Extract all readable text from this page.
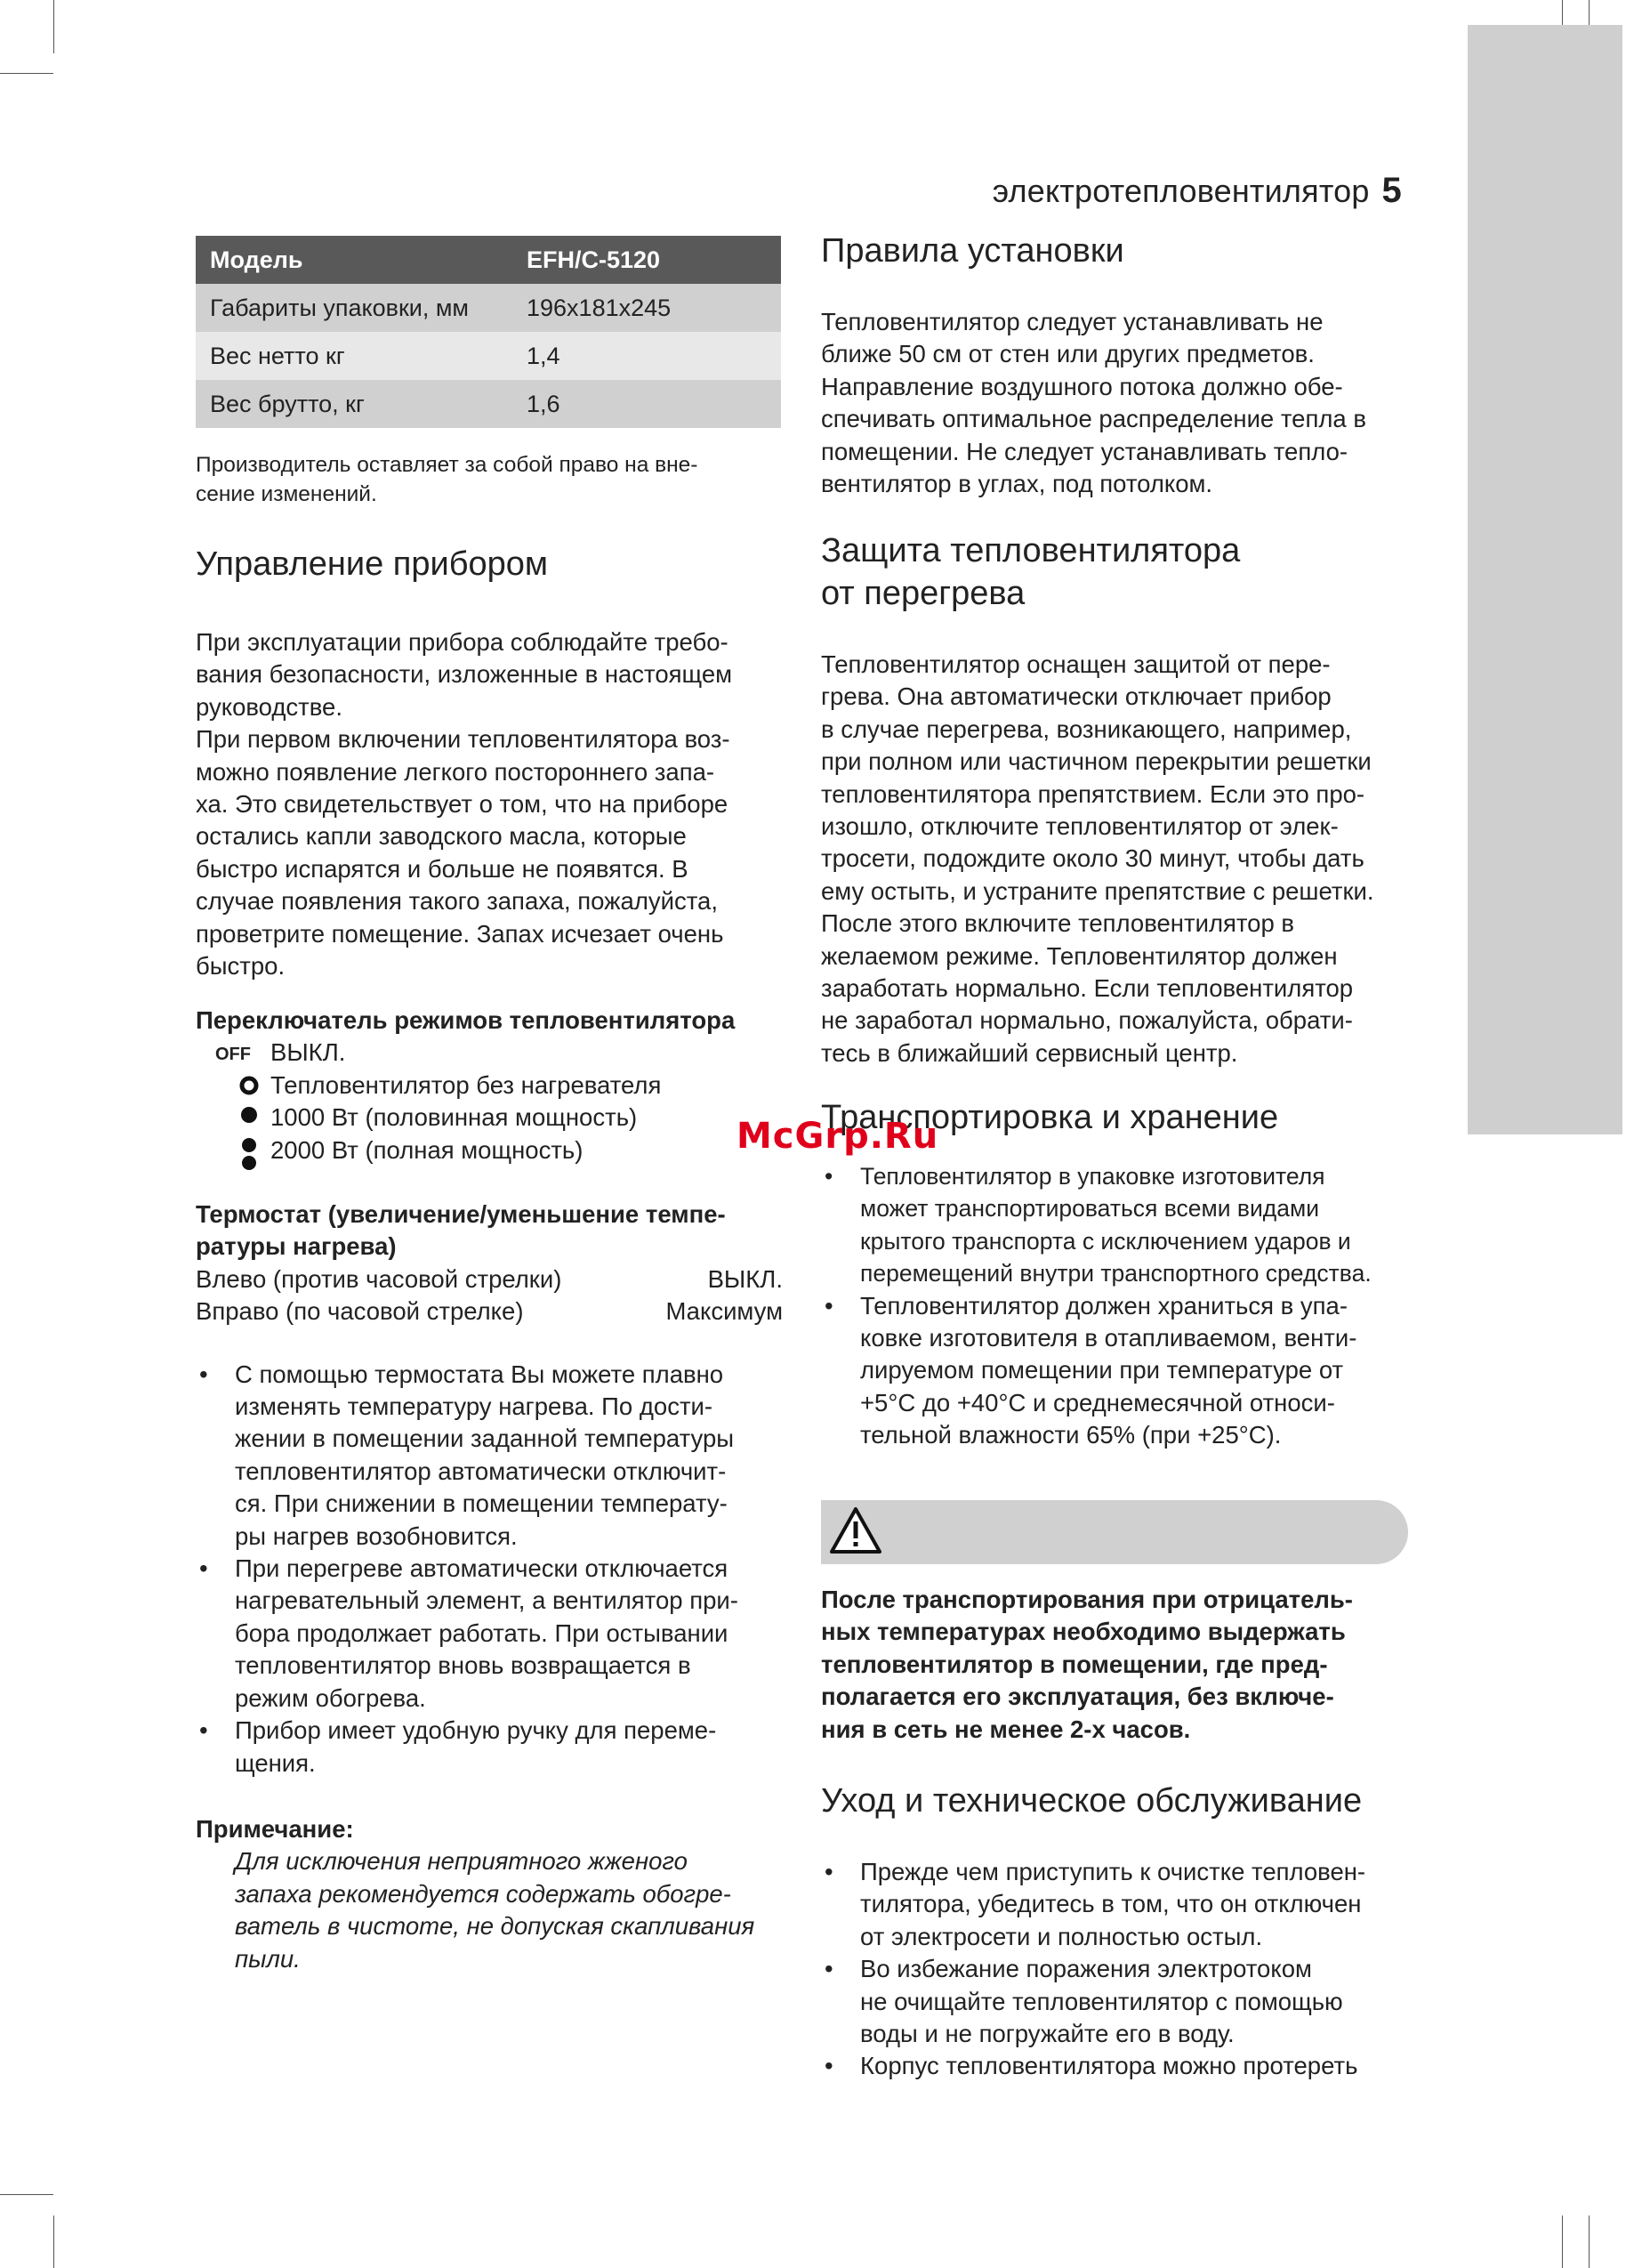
электротепловентилятор 5
Модель	EFH/C-5120
Габариты упаковки, мм	196x181x245
Вес нетто кг	1,4
Вес брутто, кг	1,6

Производитель оставляет за собой право на вне-

сение изменений.

Управление прибором

При эксплуатации прибора соблюдайте требо-

вания безопасности, изложенные в настоящем

руководстве.

При первом включении тепловентилятора воз-

можно появление легкого постороннего запа-

ха. Это свидетельствует о том, что на приборе

остались капли заводского масла, которые

быстро испарятся и больше не появятся. В

случае появления такого запаха, пожалуйста,

проветрите помещение. Запах исчезает очень

быстро.

Переключатель режимов тепловентилятора

OFF ВЫКЛ.
Тепловентилятор без нагревателя
1000 Вт (половинная мощность)
2000 Вт (полная мощность)

Термостат (увеличение/уменьшение темпе-

ратуры нагрева)

Влево (против часовой стрелки)	ВЫКЛ.
Вправо (по часовой стрелке)	Максимум
• С помощью термостата Вы можете плавно
изменять температуру нагрева. По дости-
жении в помещении заданной температуры
тепловентилятор автоматически отключит-
ся. При снижении в помещении температу-
ры нагрев возобновится.
• При перегреве автоматически отключается
нагревательный элемент, а вентилятор при-
бора продолжает работать. При остывании
тепловентилятор вновь возвращается в
режим обогрева.
• Прибор имеет удобную ручку для переме-
щения.

Примечание:

Для исключения неприятного жженого

запаха рекомендуется содержать обогре-

ватель в чистоте, не допуская скапливания

пыли.

Правила установки

Тепловентилятор следует устанавливать не

ближе 50 см от стен или других предметов.

Направление воздушного потока должно обе-

спечивать оптимальное распределение тепла в

помещении. Не следует устанавливать тепло-

вентилятор в углах, под потолком.

Защита тепловентилятора
от перегрева

Тепловентилятор оснащен защитой от пере-

грева. Она автоматически отключает прибор

в случае перегрева, возникающего, например,

при полном или частичном перекрытии решетки

тепловентилятора препятствием. Если это про-

изошло, отключите тепловентилятор от элек-

тросети, подождите около 30 минут, чтобы дать

ему остыть, и устраните препятствие с решетки.

После этого включите тепловентилятор в

желаемом режиме. Тепловентилятор должен

заработать нормально. Если тепловентилятор

не заработал нормально, пожалуйста, обрати-

тесь в ближайший сервисный центр.

Транспортировка и хранение
• Тепловентилятор в упаковке изготовителя
может транспортироваться всеми видами
крытого транспорта с исключением ударов и
перемещений внутри транспортного средства.
• Тепловентилятор должен храниться в упа-
ковке изготовителя в отапливаемом, венти-
лируемом помещении при температуре от
+5°C до +40°C и среднемесячной относи-
тельной влажности 65% (при +25°C).

После транспортирования при отрицатель-

ных температурах необходимо выдержать

тепловентилятор в помещении, где пред-

полагается его эксплуатация, без включе-

ния в сеть не менее 2-х часов.

Уход и техническое обслуживание
• Прежде чем приступить к очистке тепловен-
тилятора, убедитесь в том, что он отключен
от электросети и полностью остыл.
• Во избежание поражения электротоком
не очищайте тепловентилятор с помощью
воды и не погружайте его в воду.
• Корпус тепловентилятора можно протереть
McGrp.Ru
